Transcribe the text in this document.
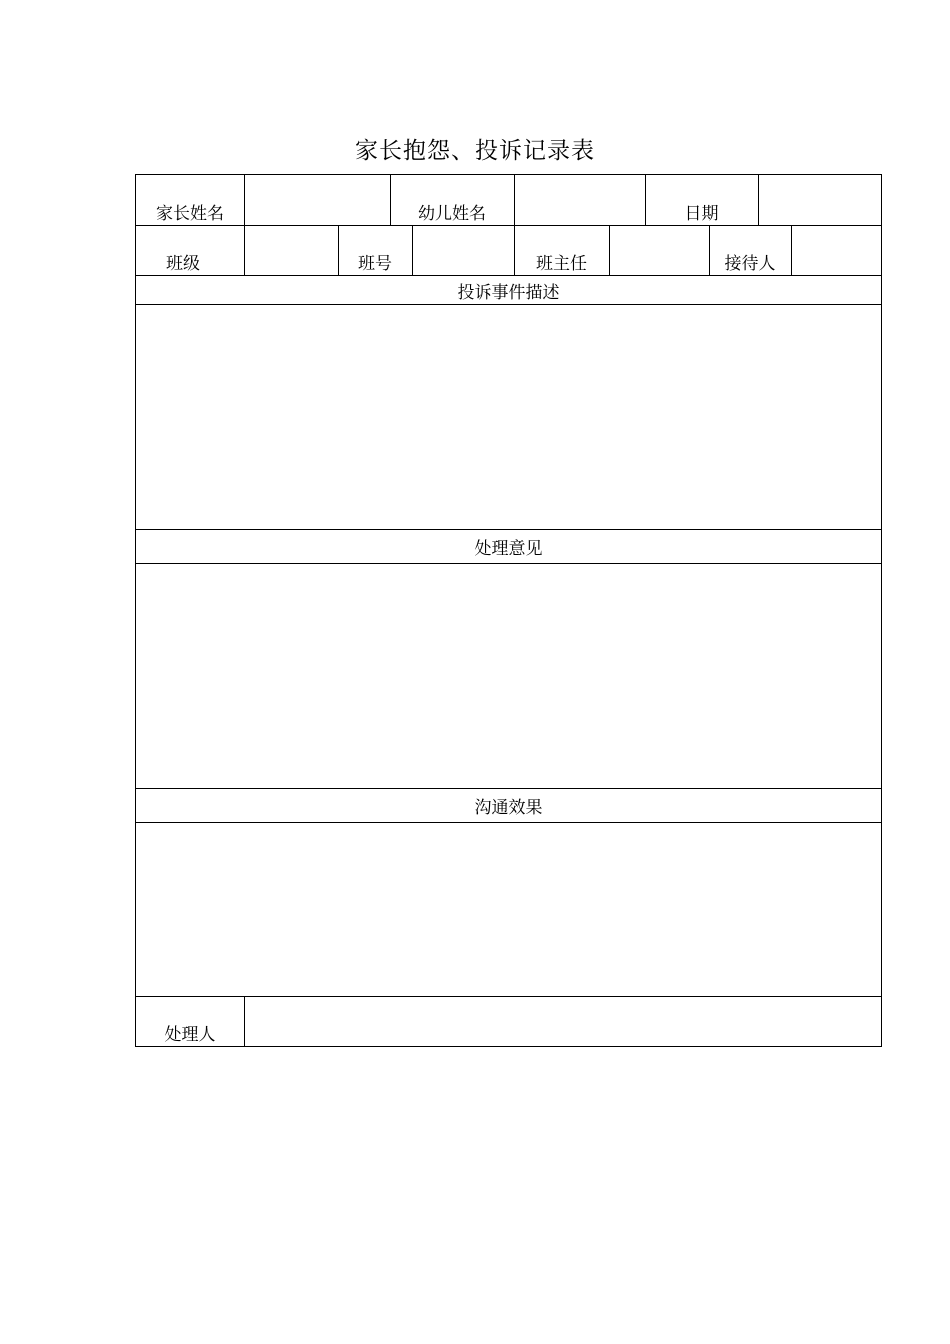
家长抱怨、投诉记录表
家长姓名	幼儿姓名	日期
班级	班号	班主任	接待人
投诉事件描述
处理意见
沟通效果
处理人
